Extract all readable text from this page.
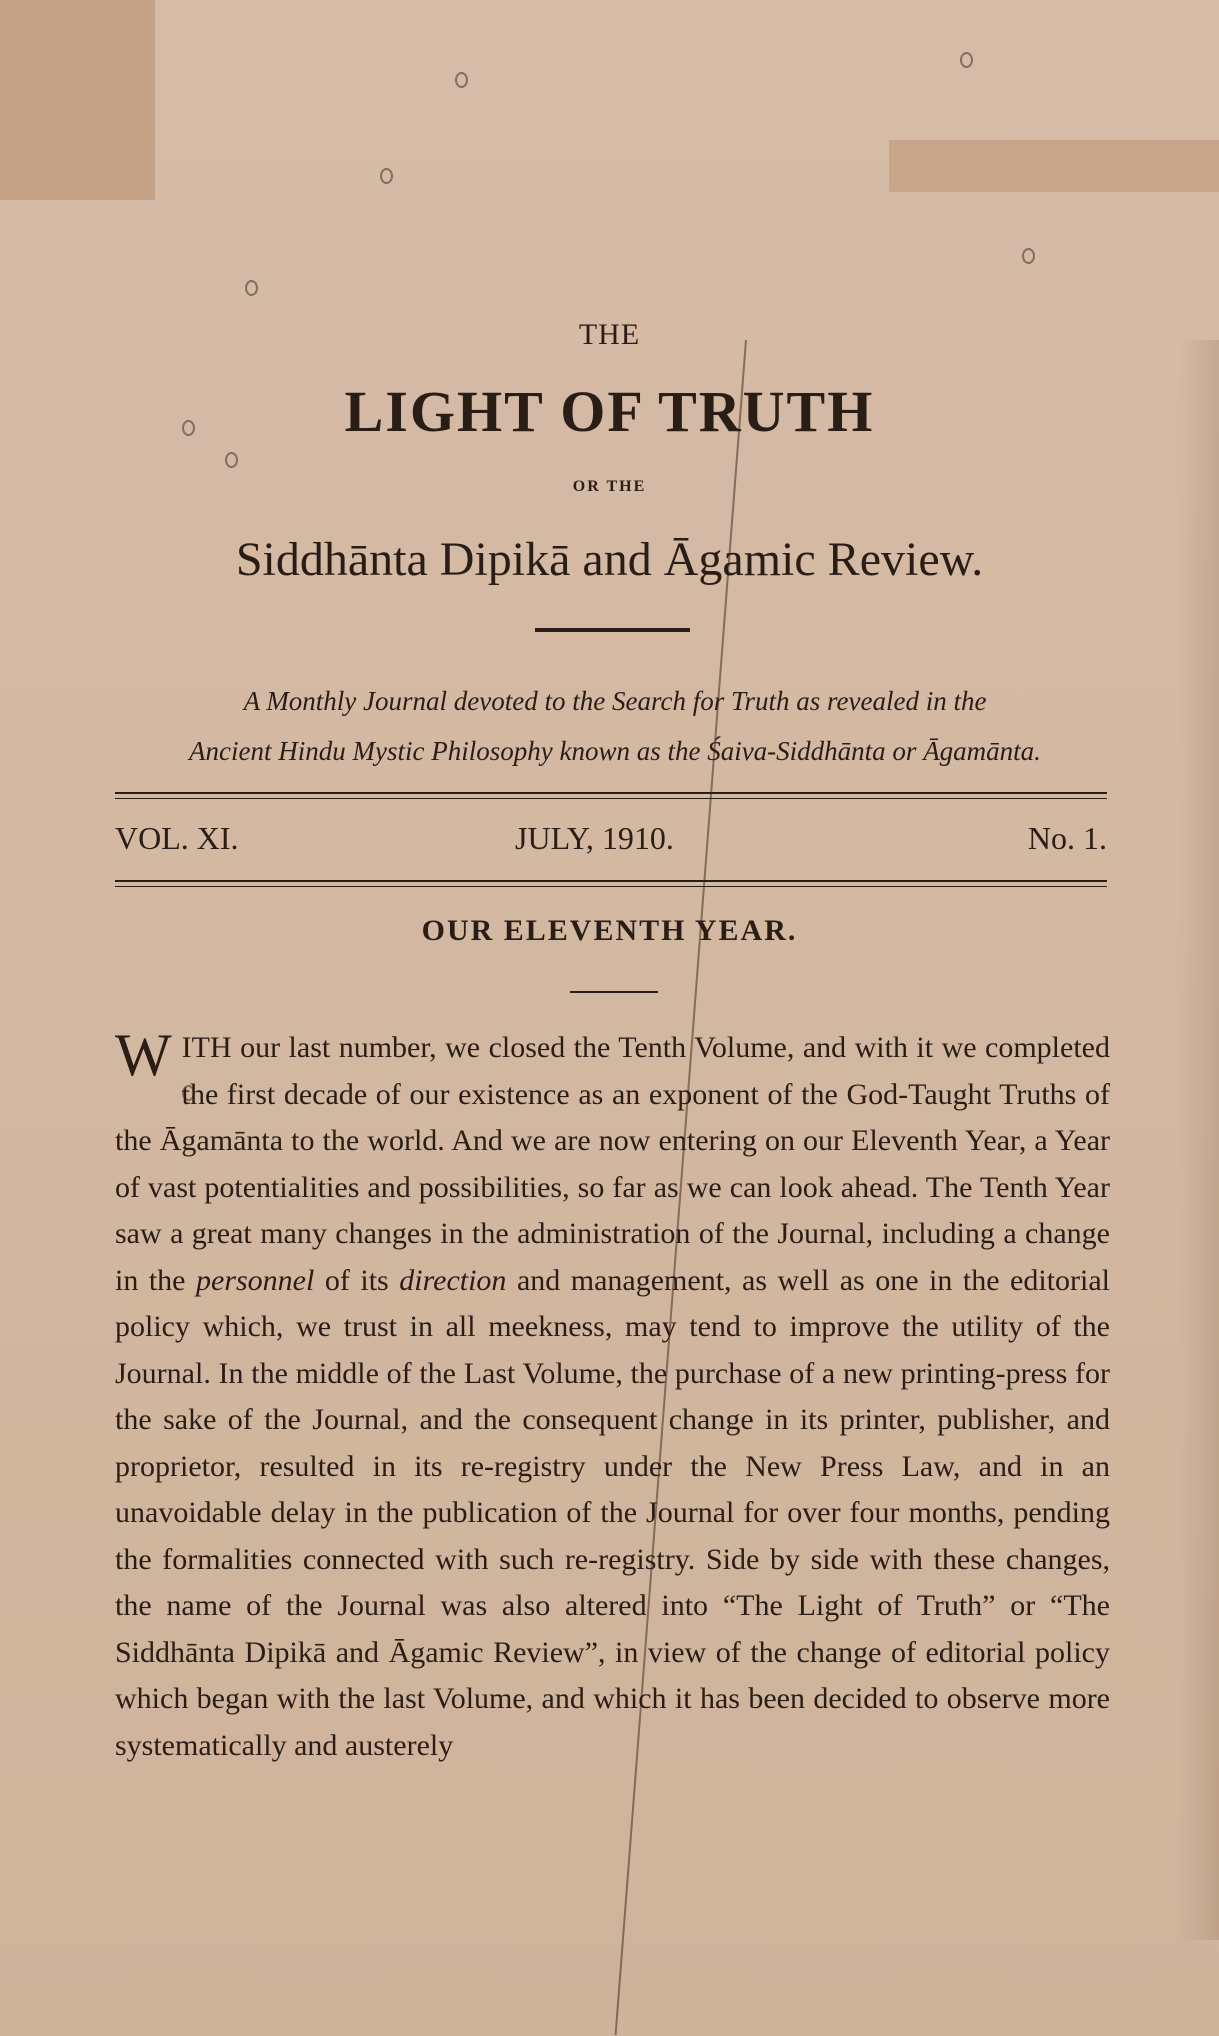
THE
LIGHT OF TRUTH
OR THE
Siddhānta Dipikā and Āgamic Review.
A Monthly Journal devoted to the Search for Truth as revealed in the
Ancient Hindu Mystic Philosophy known as the Śaiva-Siddhānta or Āgamānta.
VOL. XI.	JULY, 1910.	No. 1.
OUR ELEVENTH YEAR.
WITH our last number, we closed the Tenth Volume, and with it we completed the first decade of our existence as an exponent of the God-Taught Truths of the Āgamānta to the world. And we are now entering on our Eleventh Year, a Year of vast potentialities and possibilities, so far as we can look ahead. The Tenth Year saw a great many changes in the administration of the Journal, including a change in the personnel of its direction and management, as well as one in the editorial policy which, we trust in all meekness, may tend to improve the utility of the Journal. In the middle of the Last Volume, the purchase of a new printing-press for the sake of the Journal, and the consequent change in its printer, publisher, and proprietor, resulted in its re-registry under the New Press Law, and in an unavoidable delay in the publication of the Journal for over four months, pending the formalities connected with such re-registry. Side by side with these changes, the name of the Journal was also altered into “The Light of Truth” or “The Siddhānta Dipikā and Āgamic Review”, in view of the change of editorial policy which began with the last Volume, and which it has been decided to observe more systematically and austerely
